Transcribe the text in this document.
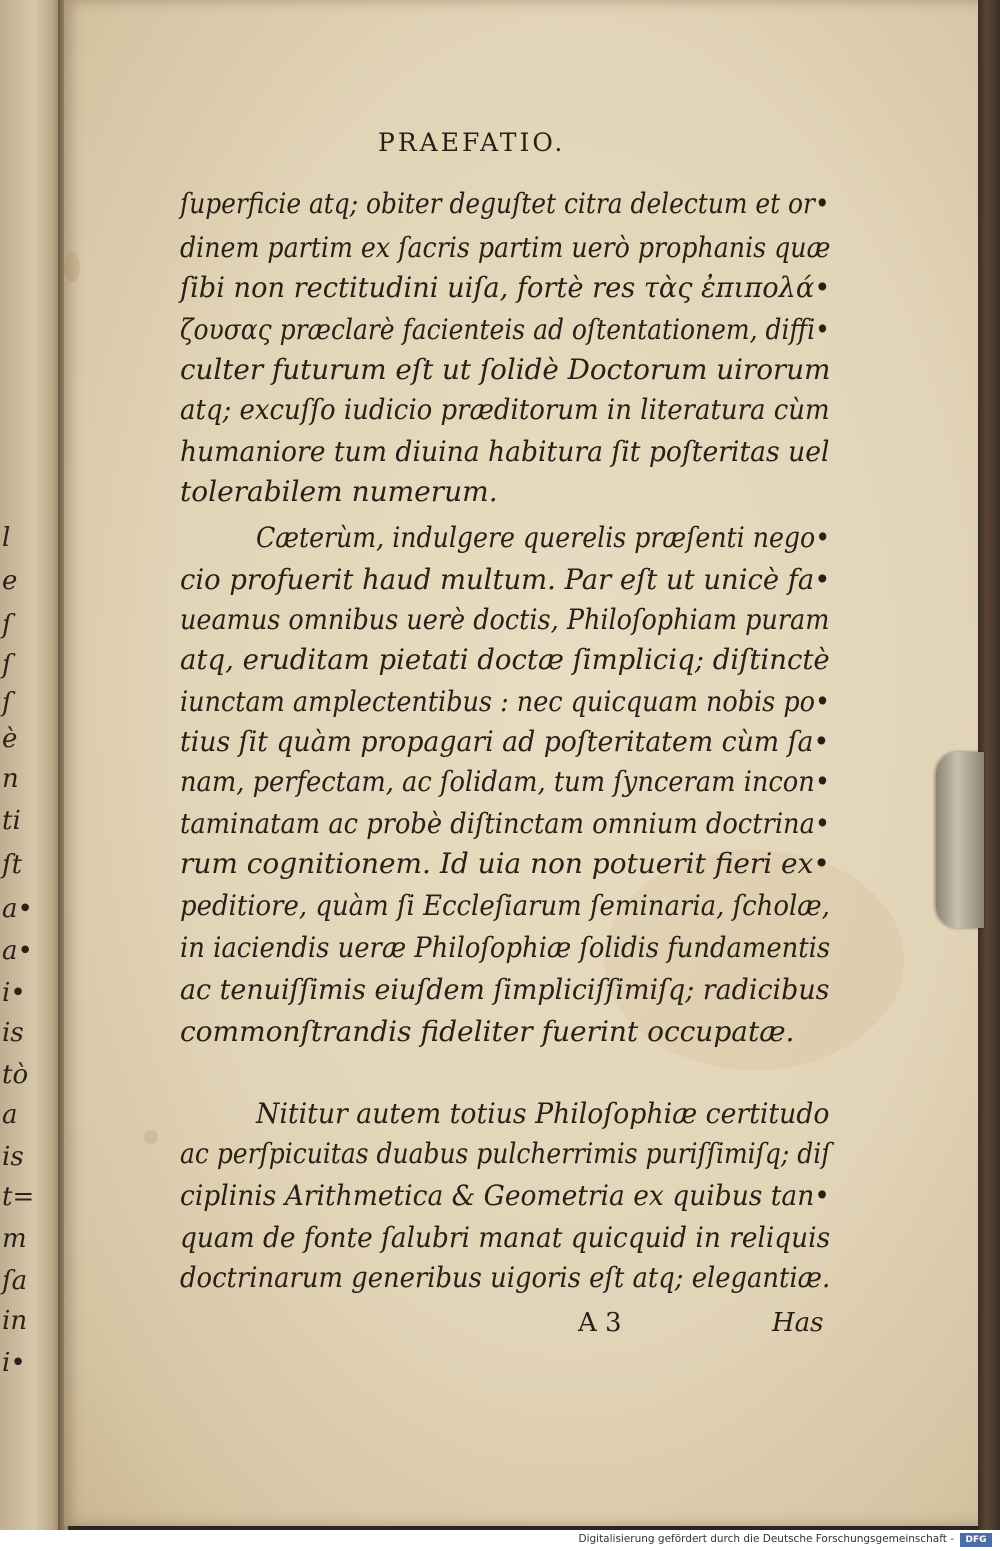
l
e
ſ
ſ
ſ
è
n
ti
ſt
a•
a•
i•
is
tò
a
is
t=
m
ſa
in
i•
PRAEFATIO.
ſuperficie atq; obiter deguſtet citra delectum et or•
dinem partim ex ſacris partim uerò prophanis quæ
ſibi non rectitudini uiſa, fortè res τὰς ἐπιπολά•
ζουσας præclarè facienteis ad oſtentationem, diffi•
culter futurum eſt ut ſolidè Doctorum uirorum
atq; excuſſo iudicio præditorum in literatura cùm
humaniore tum diuina habitura ſit poſteritas uel
tolerabilem numerum.
Cæterùm, indulgere querelis præſenti nego•
cio profuerit haud multum. Par eſt ut unicè fa•
ueamus omnibus uerè doctis, Philoſophiam puram
atq, eruditam pietati doctæ ſimpliciq; diſtinctè
iunctam amplectentibus : nec quicquam nobis po•
tius ſit quàm propagari ad poſteritatem cùm ſa•
nam, perfectam, ac ſolidam, tum ſynceram incon•
taminatam ac probè diſtinctam omnium doctrina•
rum cognitionem. Id uia non potuerit fieri ex•
peditiore, quàm ſi Eccleſiarum ſeminaria, ſcholæ,
in iaciendis ueræ Philoſophiæ ſolidis fundamentis
ac tenuiſſimis eiuſdem ſimpliciſſimiſq; radicibus
commonſtrandis fideliter fuerint occupatæ.
Nititur autem totius Philoſophiæ certitudo
ac perſpicuitas duabus pulcherrimis puriſſimiſq; diſ
ciplinis Arithmetica & Geometria ex quibus tan•
quam de fonte ſalubri manat quicquid in reliquis
doctrinarum generibus uigoris eſt atq; elegantiæ.
A 3	Has
Digitalisierung gefördert durch die Deutsche Forschungsgemeinschaft -	DFG
